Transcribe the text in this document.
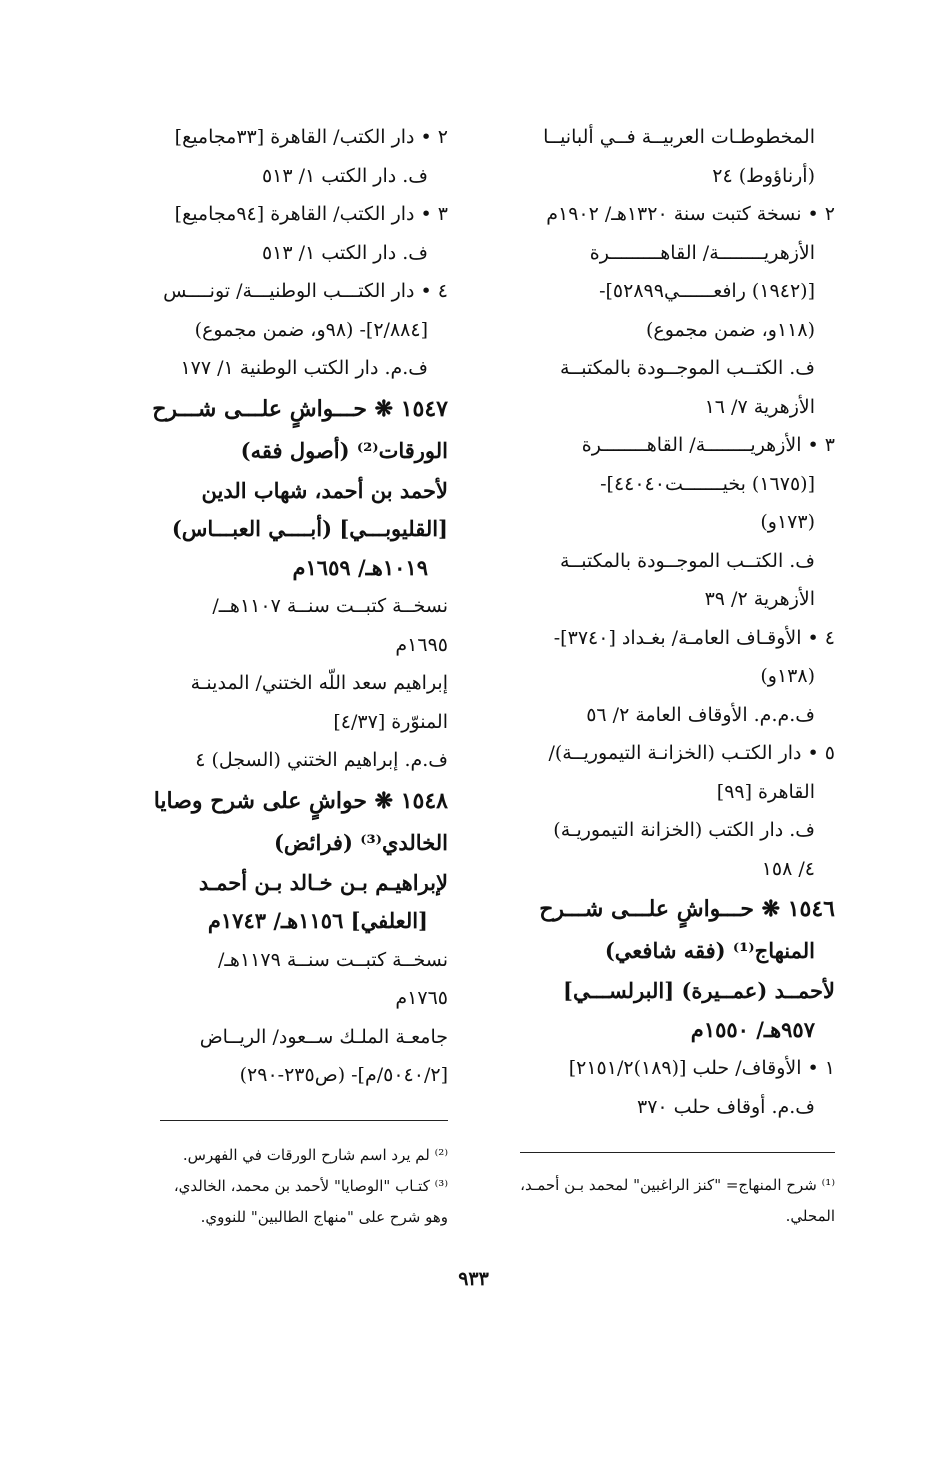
المخطوطـات العربيــة فــي ألبانيــا
(أرناؤوط) ٢٤
٢ • نسخة كتبت سنة ١٣٢٠هـ/ ١٩٠٢م
الأزهريــــــــة/ القاهـــــــــرة
[(١٩٤٢) رافعــــــي٥٢٨٩٩]-
(١١٨و، ضمن مجموع)
ف. الكتــب الموجــودة بالمكتبــة
الأزهرية ٧/ ١٦
٣ • الأزهريــــــــة/ القاهــــــــرة
[(١٦٧٥) بخيـــــــت٤٤٠٤٠]-
(١٧٣و)
ف. الكتــب الموجــودة بالمكتبــة
الأزهرية ٢/ ٣٩
٤ • الأوقـاف العامـة/ بغـداد [٣٧٤٠]-
(١٣٨و)
ف.م.م. الأوقاف العامة ٢/ ٥٦
٥ • دار الكتـب (الخزانـة التيموريــة)/
القاهرة [٩٩]
ف. دار الكتب (الخزانة التيموريـة)
٤/ ١٥٨
١٥٤٦ ❋ حـــواشٍ علـــى شـــرح
المنهاج⁽¹⁾ (فقه شافعي)
لأحمــد (عمــيرة) [البرلســـي]
٩٥٧هـ/ ١٥٥٠م
١ • الأوقاف/ حلب [(١٨٩)٢١٥١/٢]
ف.م. أوقاف حلب ٣٧٠
٢ • دار الكتب/ القاهرة [٣٣مجاميع]
ف. دار الكتب ١/ ٥١٣
٣ • دار الكتب/ القاهرة [٩٤مجاميع]
ف. دار الكتب ١/ ٥١٣
٤ • دار الكتـــب الوطنيـــة/ تونــــس
[٢/٨٨٤]- (٩٨و، ضمن مجموع)
ف.م. دار الكتب الوطنية ١/ ١٧٧
١٥٤٧ ❋ حـــواشٍ علـــى شـــرح
الورقات⁽²⁾ (أصول فقه)
لأحمد بن أحمد، شهاب الدين
[القليوبـــي] (أبــــي العبـــاس)
١٠١٩هـ/ ١٦٥٩م
نسخــة كتبــت سنــة ١١٠٧هــ/
١٦٩٥م
إبراهيم سعد اللّه الختني/ المدينـة
المنوّرة [٤/٣٧]
ف.م. إبراهيم الختني (السجل) ٤
١٥٤٨ ❋ حواشٍ على شرح وصايا
الخالدي⁽³⁾ (فرائض)
لإبراهيـم بـن خـالد بـن أحمـد
[العلفي] ١١٥٦هـ/ ١٧٤٣م
نسخــة كتبــت سنــة ١١٧٩هـ/
١٧٦٥م
جامعـة الملـك ســعود/ الريــاض
[٥٠٤٠/٢/م]- (ص٢٣٥-٢٩٠)
⁽¹⁾ شرح المنهاج= "كنز الراغبين" لمحمد بـن أحمـد،
المحلي.
⁽²⁾ لم يرد اسم شارح الورقات في الفهرس.
⁽³⁾ كتـاب "الوصايا" لأحمد بن محمد، الخالدي،
وهو شرح على "منهاج الطالبين" للنووي.
٩٣٣
